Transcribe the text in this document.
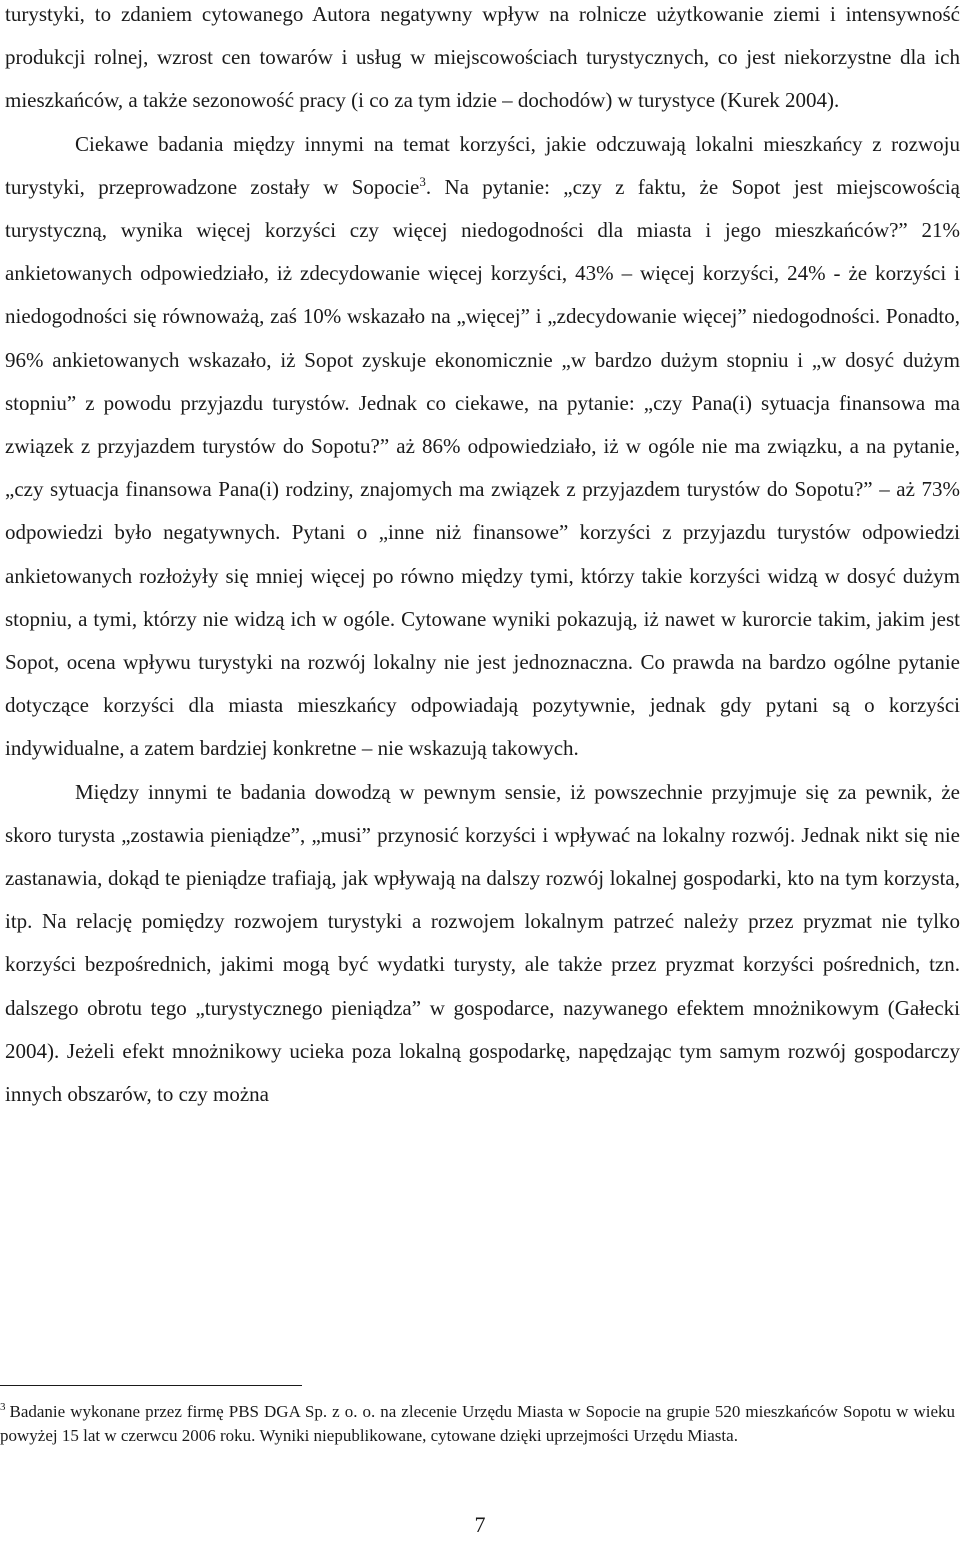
turystyki, to zdaniem cytowanego Autora negatywny wpływ na rolnicze użytkowanie ziemi i intensywność produkcji rolnej, wzrost cen towarów i usług w miejscowościach turystycznych, co jest niekorzystne dla ich mieszkańców, a także sezonowość pracy (i co za tym idzie – dochodów) w turystyce (Kurek 2004).

Ciekawe badania między innymi na temat korzyści, jakie odczuwają lokalni mieszkańcy z rozwoju turystyki, przeprowadzone zostały w Sopocie$^3$. Na pytanie: „czy z faktu, że Sopot jest miejscowością turystyczną, wynika więcej korzyści czy więcej niedogodności dla miasta i jego mieszkańców?” 21% ankietowanych odpowiedziało, iż zdecydowanie więcej korzyści, 43% – więcej korzyści, 24% - że korzyści i niedogodności się równoważą, zaś 10% wskazało na „więcej” i „zdecydowanie więcej” niedogodności. Ponadto, 96% ankietowanych wskazało, iż Sopot zyskuje ekonomicznie „w bardzo dużym stopniu i „w dosyć dużym stopniu” z powodu przyjazdu turystów. Jednak co ciekawe, na pytanie: „czy Pana(i) sytuacja finansowa ma związek z przyjazdem turystów do Sopotu?” aż 86% odpowiedziało, iż w ogóle nie ma związku, a na pytanie, „czy sytuacja finansowa Pana(i) rodziny, znajomych ma związek z przyjazdem turystów do Sopotu?” – aż 73% odpowiedzi było negatywnych. Pytani o „inne niż finansowe” korzyści z przyjazdu turystów odpowiedzi ankietowanych rozłożyły się mniej więcej po równo między tymi, którzy takie korzyści widzą w dosyć dużym stopniu, a tymi, którzy nie widzą ich w ogóle. Cytowane wyniki pokazują, iż nawet w kurorcie takim, jakim jest Sopot, ocena wpływu turystyki na rozwój lokalny nie jest jednoznaczna. Co prawda na bardzo ogólne pytanie dotyczące korzyści dla miasta mieszkańcy odpowiadają pozytywnie, jednak gdy pytani są o korzyści indywidualne, a zatem bardziej konkretne – nie wskazują takowych.

Między innymi te badania dowodzą w pewnym sensie, iż powszechnie przyjmuje się za pewnik, że skoro turysta „zostawia pieniądze”, „musi” przynosić korzyści i wpływać na lokalny rozwój. Jednak nikt się nie zastanawia, dokąd te pieniądze trafiają, jak wpływają na dalszy rozwój lokalnej gospodarki, kto na tym korzysta, itp. Na relację pomiędzy rozwojem turystyki a rozwojem lokalnym patrzeć należy przez pryzmat nie tylko korzyści bezpośrednich, jakimi mogą być wydatki turysty, ale także przez pryzmat korzyści pośrednich, tzn. dalszego obrotu tego „turystycznego pieniądza” w gospodarce, nazywanego efektem mnożnikowym (Gałecki 2004). Jeżeli efekt mnożnikowy ucieka poza lokalną gospodarkę, napędzając tym samym rozwój gospodarczy innych obszarów, to czy można

$^3$ Badanie wykonane przez firmę PBS DGA Sp. z o. o. na zlecenie Urzędu Miasta w Sopocie na grupie 520 mieszkańców Sopotu w wieku powyżej 15 lat w czerwcu 2006 roku. Wyniki niepublikowane, cytowane dzięki uprzejmości Urzędu Miasta.

7
